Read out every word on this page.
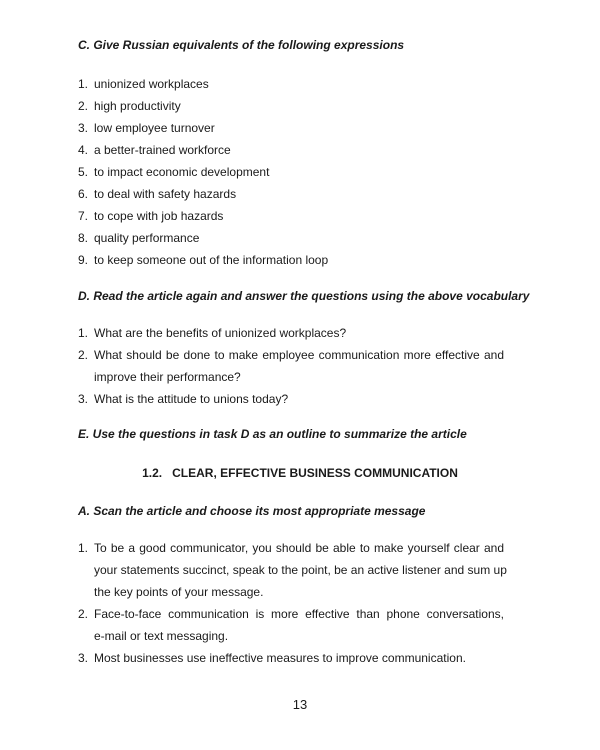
C. Give Russian equivalents of the following expressions
1. unionized workplaces
2. high productivity
3. low employee turnover
4. a better-trained workforce
5. to impact economic development
6. to deal with safety hazards
7. to cope with job hazards
8. quality performance
9. to keep someone out of the information loop
D. Read the article again and answer the questions using the above vocabulary
1. What are the benefits of unionized workplaces?
2. What should be done to make employee communication more effective and
improve their performance?
3. What is the attitude to unions today?
E. Use the questions in task D as an outline to summarize the article
1.2. CLEAR, EFFECTIVE BUSINESS COMMUNICATION
A. Scan the article and choose its most appropriate message
1. To be a good communicator, you should be able to make yourself clear and
your statements succinct, speak to the point, be an active listener and sum up
the key points of your message.
2. Face-to-face communication is more effective than phone conversations,
e-mail or text messaging.
3. Most businesses use ineffective measures to improve communication.
13
